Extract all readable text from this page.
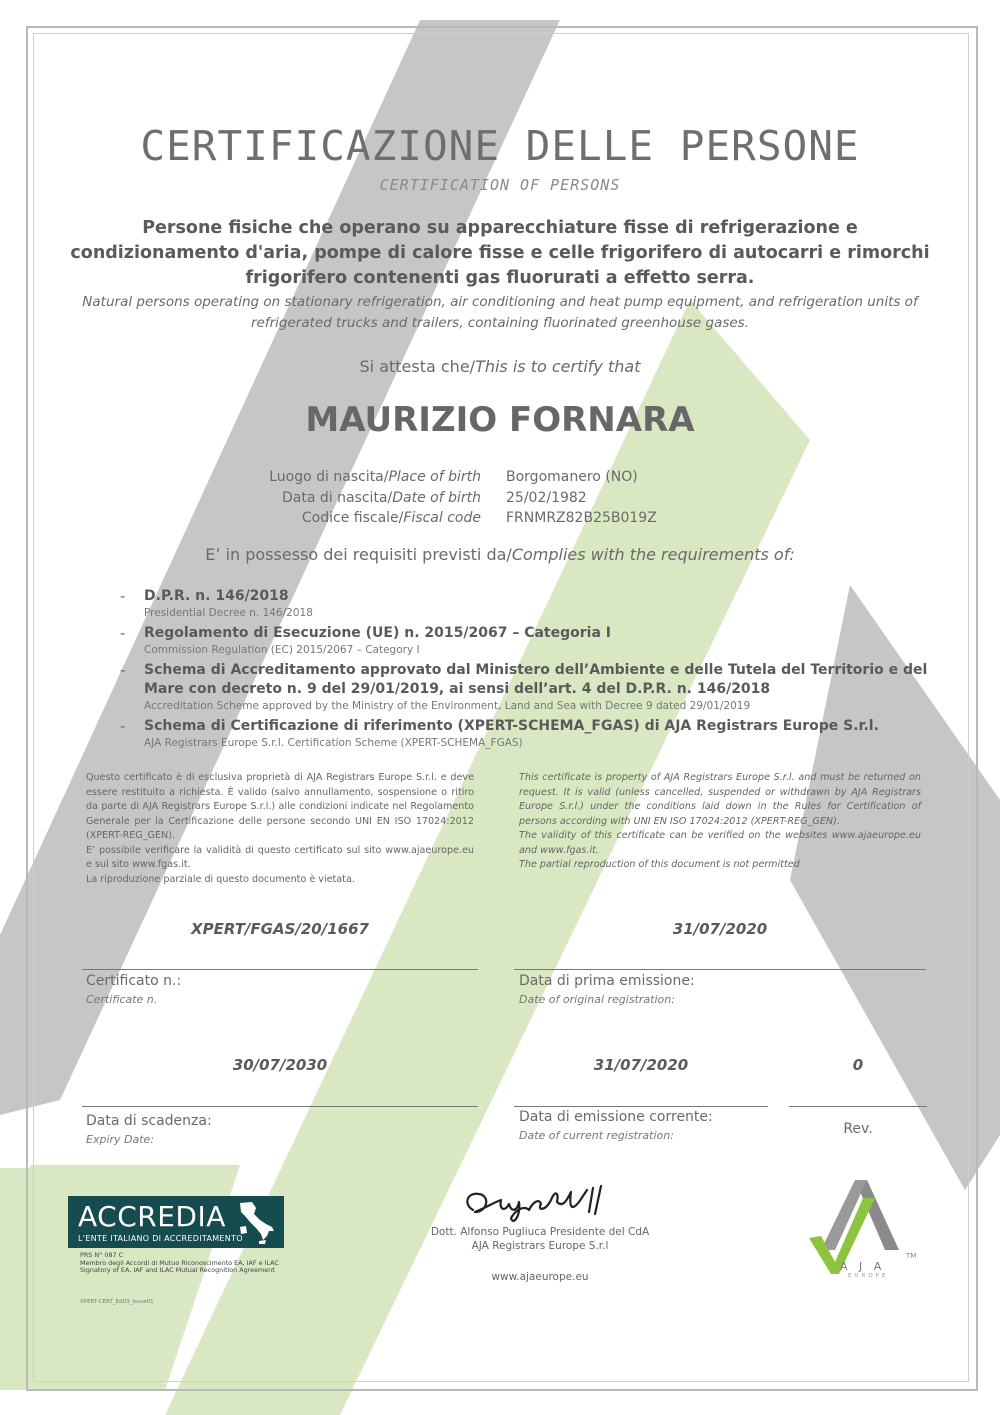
CERTIFICAZIONE DELLE PERSONE
CERTIFICATION OF PERSONS
Persone fisiche che operano su apparecchiature fisse di refrigerazione e condizionamento d'aria, pompe di calore fisse e celle frigorifero di autocarri e rimorchi frigorifero contenenti gas fluorurati a effetto serra.
Natural persons operating on stationary refrigeration, air conditioning and heat pump equipment, and refrigeration units of refrigerated trucks and trailers, containing fluorinated greenhouse gases.
Si attesta che/This is to certify that
MAURIZIO FORNARA
Luogo di nascita/Place of birth	Borgomanero (NO)
Data di nascita/Date of birth	25/02/1982
Codice fiscale/Fiscal code	FRNMRZ82B25B019Z
E’ in possesso dei requisiti previsti da/Complies with the requirements of:
- D.P.R. n. 146/2018
Presidential Decree n. 146/2018
- Regolamento di Esecuzione (UE) n. 2015/2067 – Categoria I
Commission Regulation (EC) 2015/2067 – Category I
- Schema di Accreditamento approvato dal Ministero dell’Ambiente e delle Tutela del Territorio e del Mare con decreto n. 9 del 29/01/2019, ai sensi dell’art. 4 del D.P.R. n. 146/2018
Accreditation Scheme approved by the Ministry of the Environment, Land and Sea with Decree 9 dated 29/01/2019
- Schema di Certificazione di riferimento (XPERT-SCHEMA_FGAS) di AJA Registrars Europe S.r.l.
AJA Registrars Europe S.r.l. Certification Scheme (XPERT-SCHEMA_FGAS)

Questo certificato è di esclusiva proprietà di AJA Registrars Europe S.r.l. e deve essere restituito a richiesta. È valido (salvo annullamento, sospensione o ritiro da parte di AJA Registrars Europe S.r.l.) alle condizioni indicate nel Regolamento Generale per la Certificazione delle persone secondo UNI EN ISO 17024:2012 (XPERT-REG_GEN).

E’ possibile verificare la validità di questo certificato sul sito www.ajaeurope.eu e sul sito www.fgas.it.

La riproduzione parziale di questo documento è vietata.

This certificate is property of AJA Registrars Europe S.r.l. and must be returned on request. It is valid (unless cancelled, suspended or withdrawn by AJA Registrars Europe S.r.l.) under the conditions laid down in the Rules for Certification of persons according with UNI EN ISO 17024:2012 (XPERT-REG_GEN).

The validity of this certificate can be verified on the websites www.ajaeurope.eu and www.fgas.it.

The partial reproduction of this document is not permitted

XPERT/FGAS/20/1667
Certificato n.:
Certificate n.
31/07/2020
Data di prima emissione:
Date of original registration:
30/07/2030
Data di scadenza:
Expiry Date:
31/07/2020
Data di emissione corrente:
Date of current registration:
0
Rev.
ACCREDIA
L'ENTE ITALIANO DI ACCREDITAMENTO
PRS N° 087 C
Membro degli Accordi di Mutuo Riconoscimento EA, IAF e ILAC
Signatory of EA, IAF and ILAC Mutual Recognition Agreement
XPERT-CERT_Ed03_Issue01
Dott. Alfonso Pugliuca Presidente del CdA
AJA Registrars Europe S.r.l
www.ajaeurope.eu
A J A
EUROPE
TM
